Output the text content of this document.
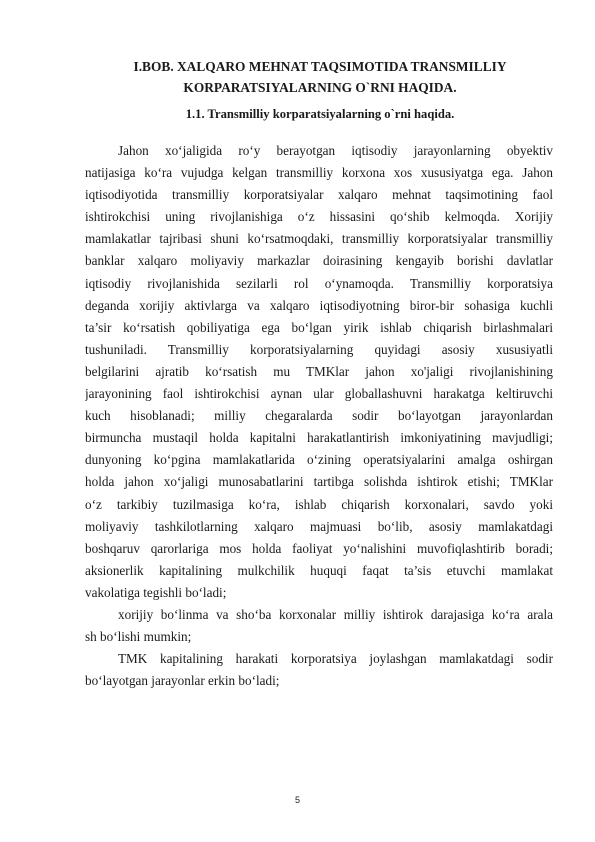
I.BOB. XALQARO MEHNAT TAQSIMOTIDA TRANSMILLIY
KORPARATSIYALARNING O`RNI HAQIDA.
1.1. Transmilliy korparatsiyalarning o`rni haqida.
Jahon xo‘jaligida ro‘y berayotgan iqtisodiy jarayonlarning obyektiv
natijasiga ko‘ra vujudga kelgan transmilliy korxona xos xususiyatga ega. Jahon
iqtisodiyotida transmilliy korporatsiyalar xalqaro mehnat taqsimotining faol
ishtirokchisi uning rivojlanishiga o‘z hissasini qo‘shib kelmoqda. Xorijiy
mamlakatlar tajribasi shuni ko‘rsatmoqdaki, transmilliy korporatsiyalar transmilliy
banklar xalqaro moliyaviy markazlar doirasining kengayib borishi davlatlar
iqtisodiy rivojlanishida sezilarli rol o‘ynamoqda. Transmilliy korporatsiya
deganda xorijiy aktivlarga va xalqaro iqtisodiyotning biror-bir sohasiga kuchli
ta’sir ko‘rsatish qobiliyatiga ega bo‘lgan yirik ishlab chiqarish birlashmalari
tushuniladi. Transmilliy korporatsiyalarning quyidagi asosiy xususiyatli
belgilarini ajratib ko‘rsatish mu TMKlar jahon xo'jaligi rivojlanishining
jarayonining faol ishtirokchisi aynan ular globallashuvni harakatga keltiruvchi
kuch hisoblanadi; milliy chegaralarda sodir bo‘layotgan jarayonlardan
birmuncha mustaqil holda kapitalni harakatlantirish imkoniyatining mavjudligi;
dunyoning ko‘pgina mamlakatlarida o‘zining operatsiyalarini amalga oshirgan
holda jahon xo‘jaligi munosabatlarini tartibga solishda ishtirok etishi; TMKlar
o‘z tarkibiy tuzilmasiga ko‘ra, ishlab chiqarish korxonalari, savdo yoki
moliyaviy tashkilotlarning xalqaro majmuasi bo‘lib, asosiy mamlakatdagi
boshqaruv qarorlariga mos holda faoliyat yo‘nalishini muvofiqlashtirib boradi;
aksionerlik kapitalining mulkchilik huquqi faqat ta’sis etuvchi mamlakat
vakolatiga tegishli bo‘ladi;
xorijiy bo‘linma va sho‘ba korxonalar milliy ishtirok darajasiga ko‘ra arala
sh bo‘lishi mumkin;
TMK kapitalining harakati korporatsiya joylashgan mamlakatdagi sodir
bo‘layotgan jarayonlar erkin bo‘ladi;
5
